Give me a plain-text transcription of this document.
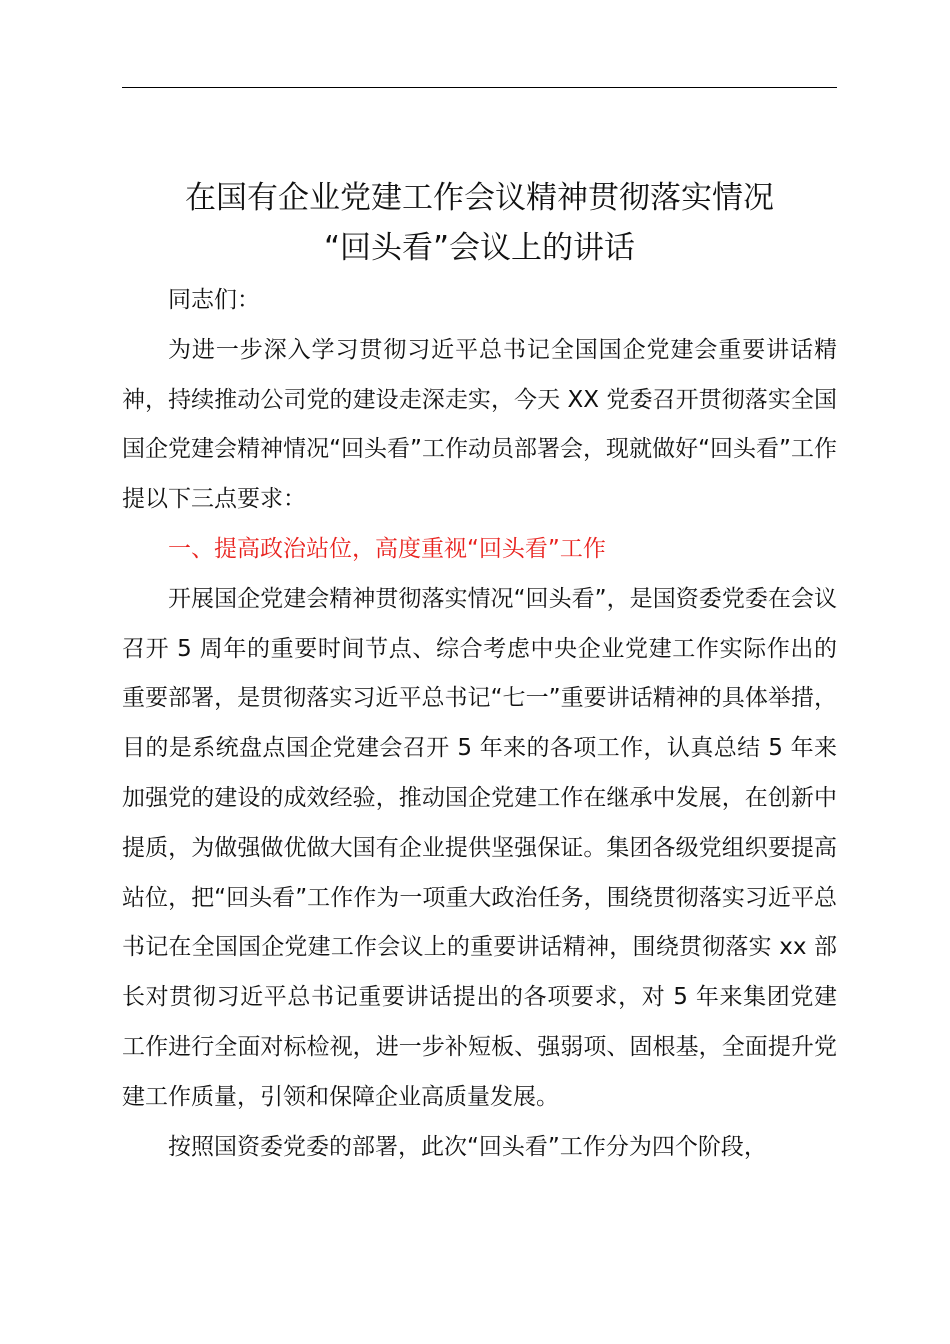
在国有企业党建工作会议精神贯彻落实情况
“回头看”会议上的讲话

同志们：

为进一步深入学习贯彻习近平总书记全国国企党建会重要讲话精神，持续推动公司党的建设走深走实，今天 XX 党委召开贯彻落实全国国企党建会精神情况“回头看”工作动员部署会，现就做好“回头看”工作提以下三点要求：

一、提高政治站位，高度重视“回头看”工作

开展国企党建会精神贯彻落实情况“回头看”，是国资委党委在会议召开 5 周年的重要时间节点、综合考虑中央企业党建工作实际作出的重要部署，是贯彻落实习近平总书记“七一”重要讲话精神的具体举措，目的是系统盘点国企党建会召开 5 年来的各项工作，认真总结 5 年来加强党的建设的成效经验，推动国企党建工作在继承中发展，在创新中提质，为做强做优做大国有企业提供坚强保证。集团各级党组织要提高站位，把“回头看”工作作为一项重大政治任务，围绕贯彻落实习近平总书记在全国国企党建工作会议上的重要讲话精神，围绕贯彻落实 xx 部长对贯彻习近平总书记重要讲话提出的各项要求，对 5 年来集团党建工作进行全面对标检视，进一步补短板、强弱项、固根基，全面提升党建工作质量，引领和保障企业高质量发展。

按照国资委党委的部署，此次“回头看”工作分为四个阶段，
